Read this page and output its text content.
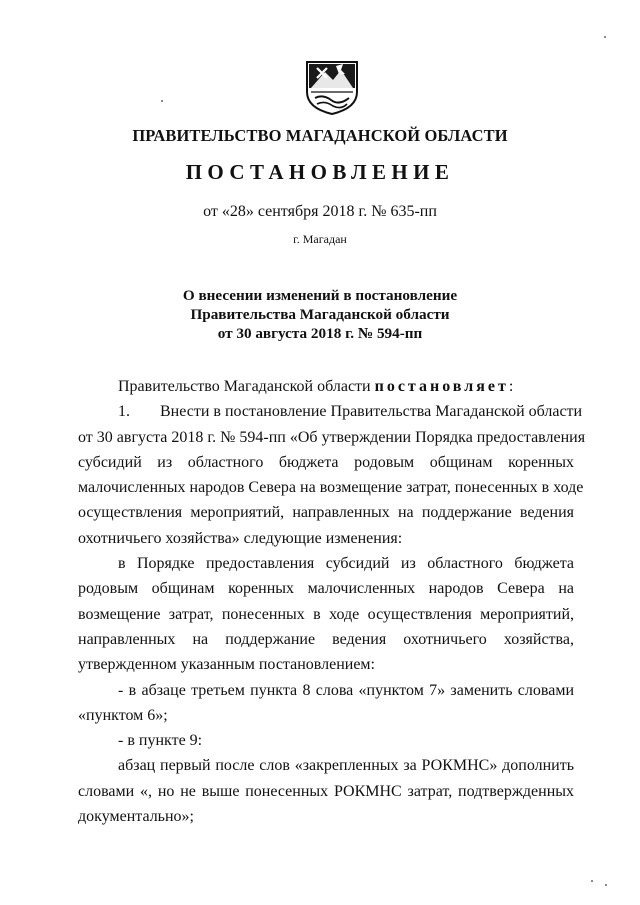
ПРАВИТЕЛЬСТВО МАГАДАНСКОЙ ОБЛАСТИ
ПОСТАНОВЛЕНИЕ
от «28» сентября 2018 г. № 635-пп
г. Магадан
О внесении изменений в постановление
Правительства Магаданской области
от 30 августа 2018 г. № 594-пп
Правительство Магаданской области постановляет:
1. Внести в постановление Правительства Магаданской области
от 30 августа 2018 г. № 594-пп «Об утверждении Порядка предоставления
субсидий из областного бюджета родовым общинам коренных
малочисленных народов Севера на возмещение затрат, понесенных в ходе
осуществления мероприятий, направленных на поддержание ведения
охотничьего хозяйства» следующие изменения:
в Порядке предоставления субсидий из областного бюджета
родовым общинам коренных малочисленных народов Севера на
возмещение затрат, понесенных в ходе осуществления мероприятий,
направленных на поддержание ведения охотничьего хозяйства,
утвержденном указанным постановлением:
- в абзаце третьем пункта 8 слова «пунктом 7» заменить словами
«пунктом 6»;
- в пункте 9:
абзац первый после слов «закрепленных за РОКМНС» дополнить
словами «, но не выше понесенных РОКМНС затрат, подтвержденных
документально»;
